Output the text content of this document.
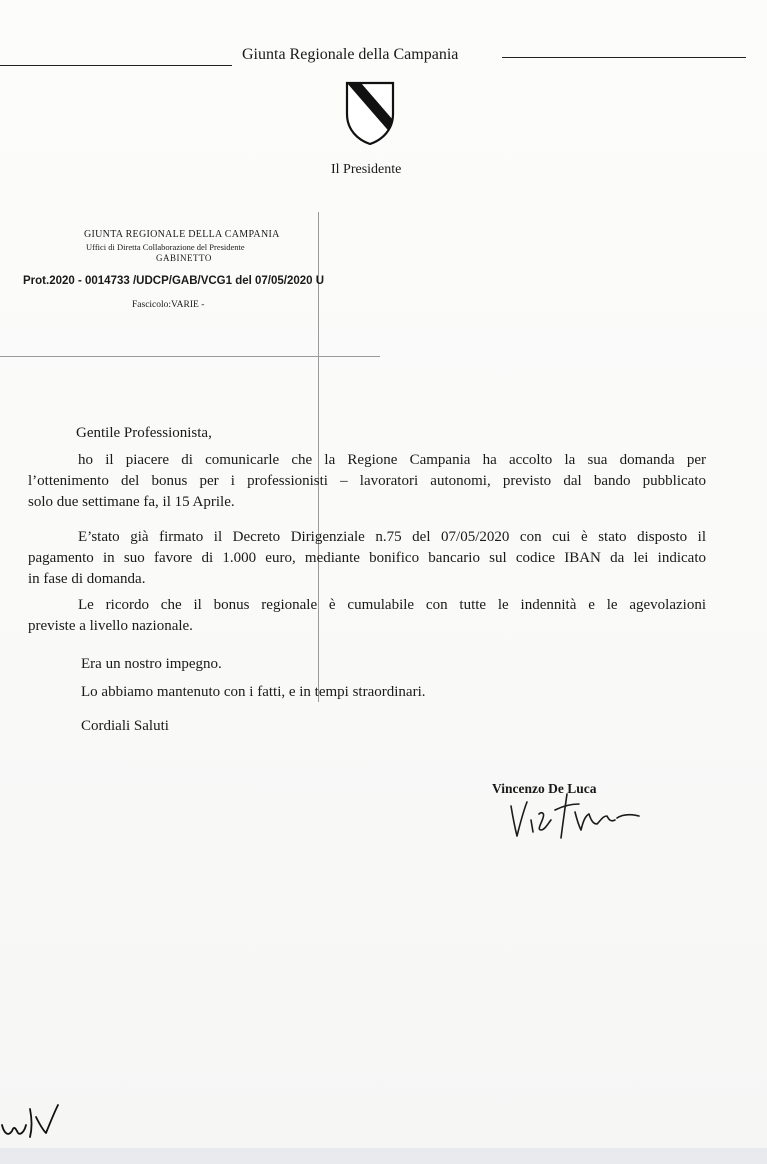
Giunta Regionale della Campania
Il Presidente
GIUNTA REGIONALE DELLA CAMPANIA
Uffici di Diretta Collaborazione del Presidente
GABINETTO
Prot.2020 - 0014733 /UDCP/GAB/VCG1 del 07/05/2020 U
Fascicolo:VARIE -
Gentile Professionista,
ho il piacere di comunicarle che la Regione Campania ha accolto la sua domanda per
l’ottenimento del bonus per i professionisti – lavoratori autonomi, previsto dal bando pubblicato
solo due settimane fa, il 15 Aprile.
E’stato già firmato il Decreto Dirigenziale n.75 del 07/05/2020 con cui è stato disposto il
pagamento in suo favore di 1.000 euro, mediante bonifico bancario sul codice IBAN da lei indicato
in fase di domanda.
Le ricordo che il bonus regionale è cumulabile con tutte le indennità e le agevolazioni
previste a livello nazionale.
Era un nostro impegno.
Lo abbiamo mantenuto con i fatti, e in tempi straordinari.
Cordiali Saluti
Vincenzo De Luca
